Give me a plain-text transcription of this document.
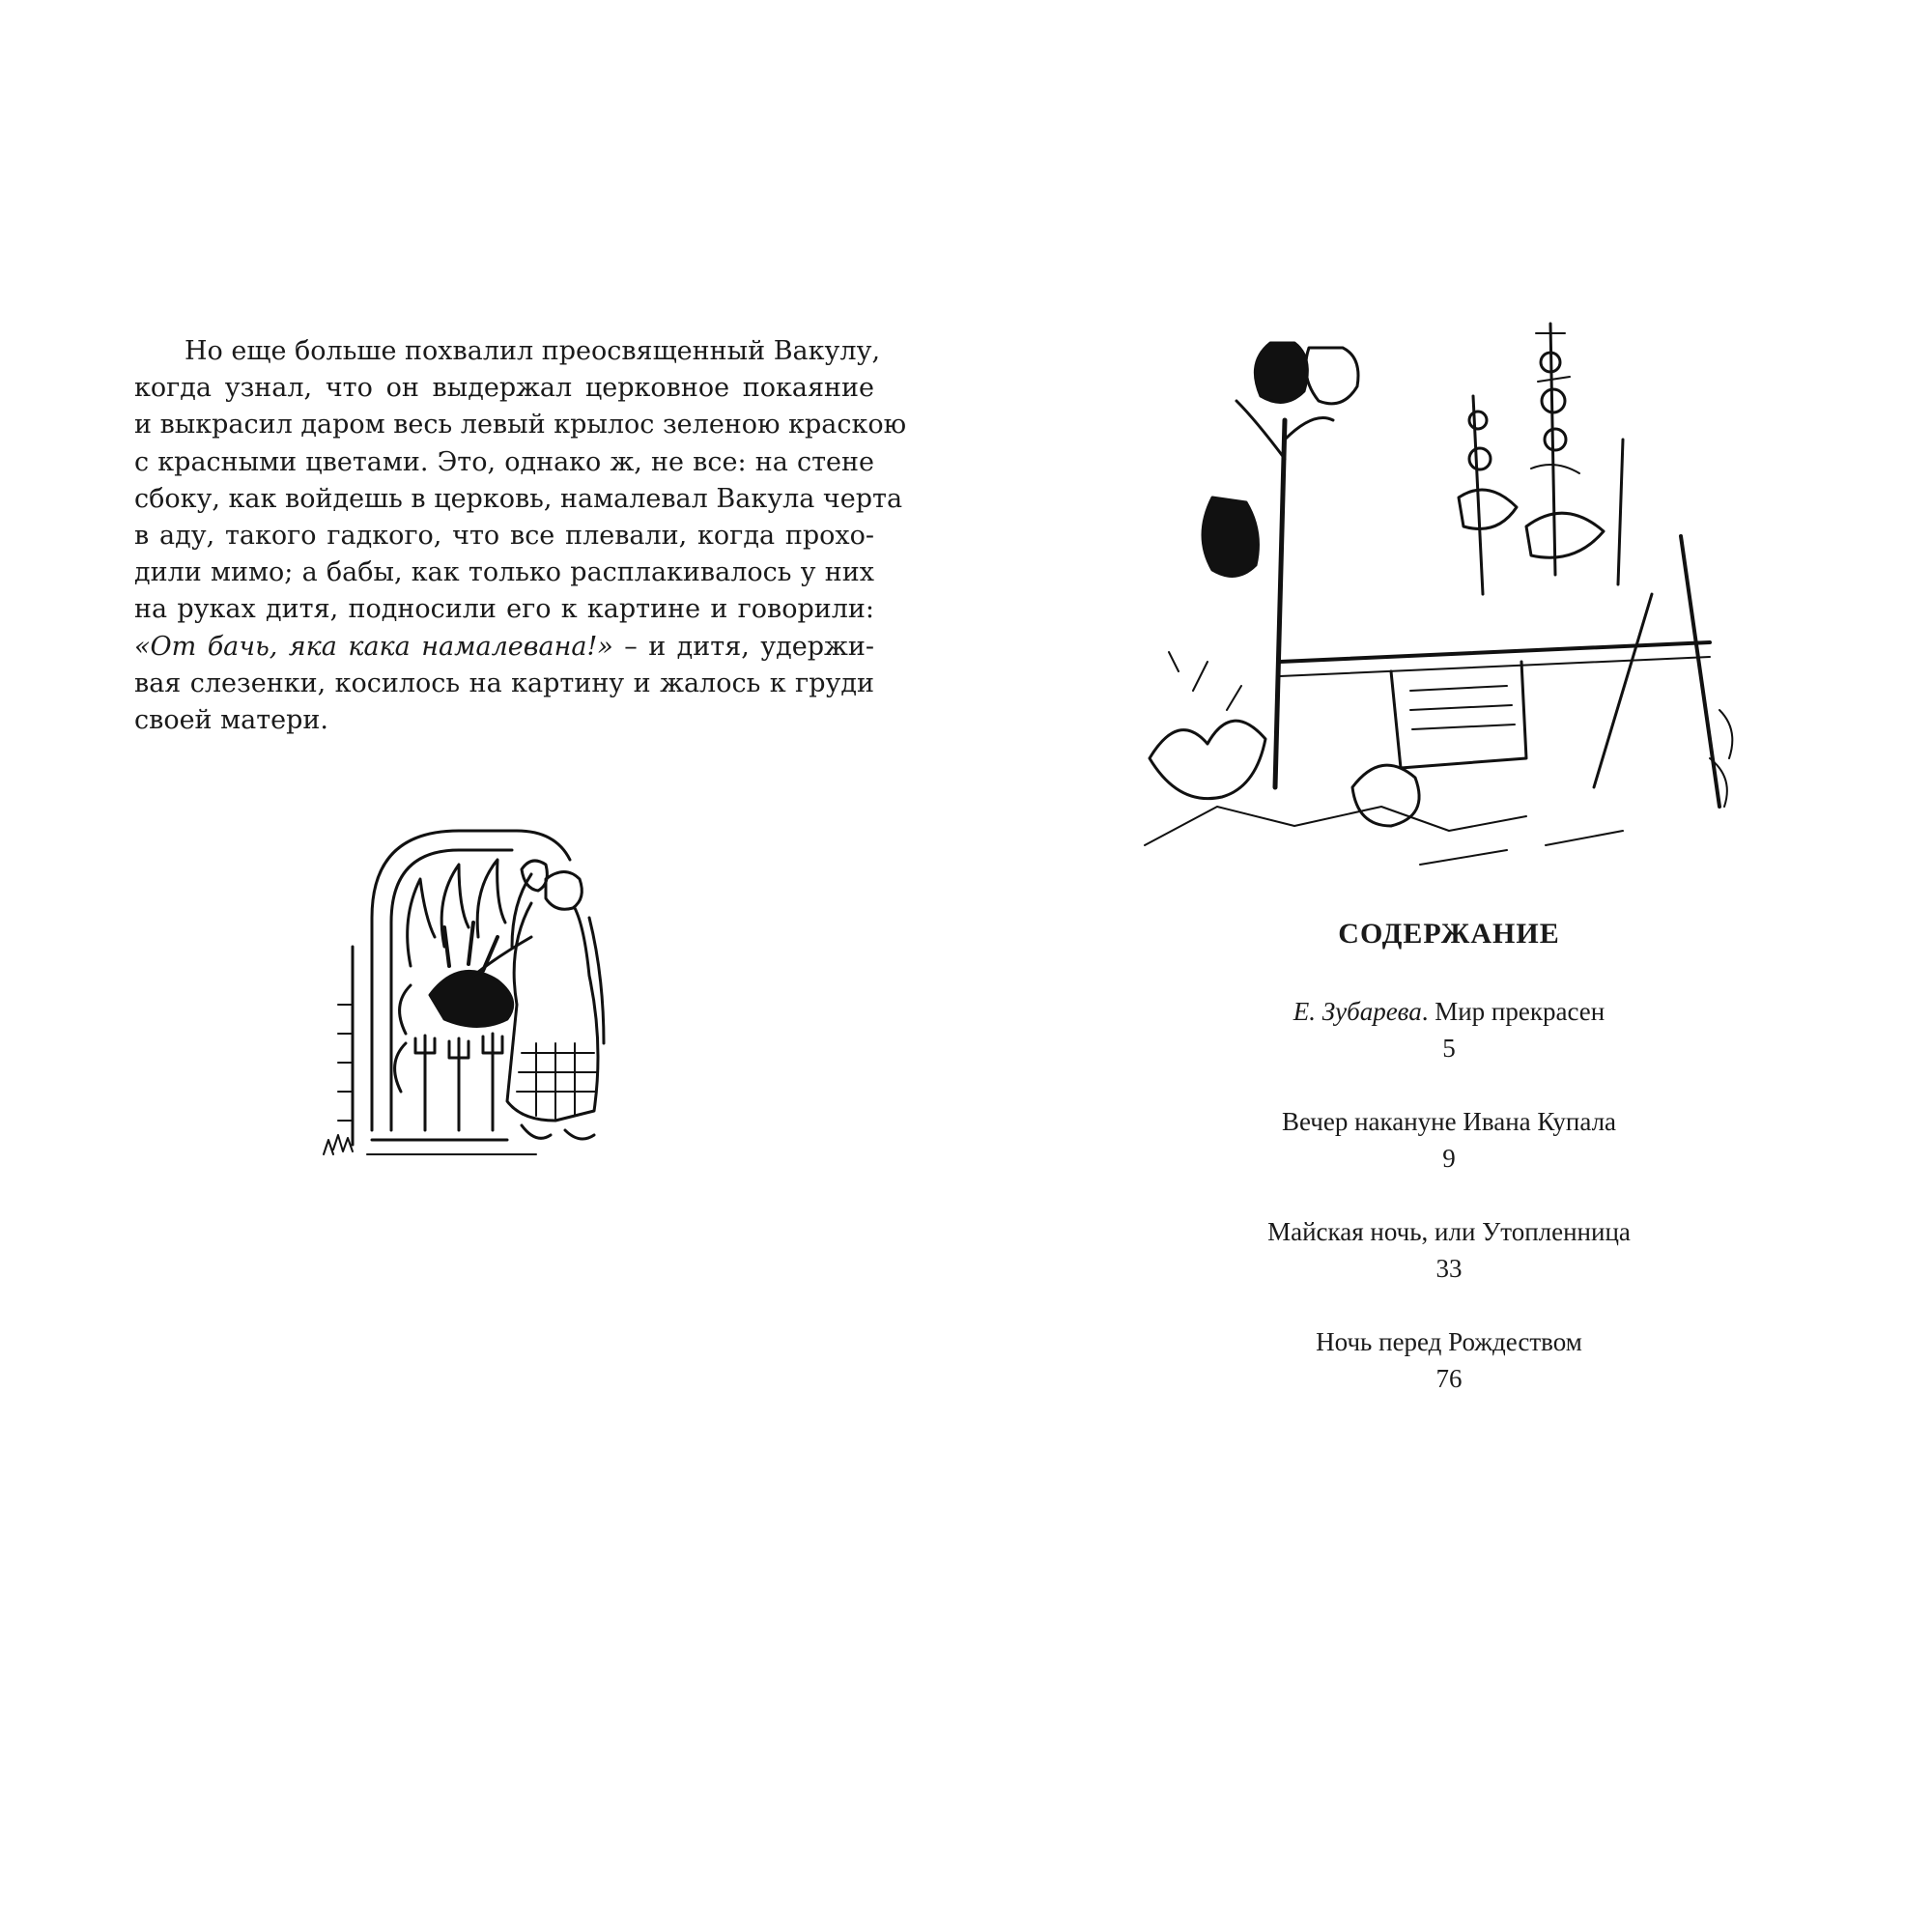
Но еще больше похвалил преосвященный Вакулу,
когда узнал, что он выдержал церковное покаяние
и выкрасил даром весь левый крылос зеленою краскою
с красными цветами. Это, однако ж, не все: на стене
сбоку, как войдешь в церковь, намалевал Вакула черта
в аду, такого гадкого, что все плевали, когда прохо-
дили мимо; а бабы, как только расплакивалось у них
на руках дитя, подносили его к картине и говорили:
«От бачь, яка кака намалевана!» – и дитя, удержи-
вая слезенки, косилось на картину и жалось к груди
своей матери.

СОДЕРЖАНИЕ
Е. Зубарева. Мир прекрасен
5
Вечер накануне Ивана Купала
9
Майская ночь, или Утопленница
33
Ночь перед Рождеством
76
